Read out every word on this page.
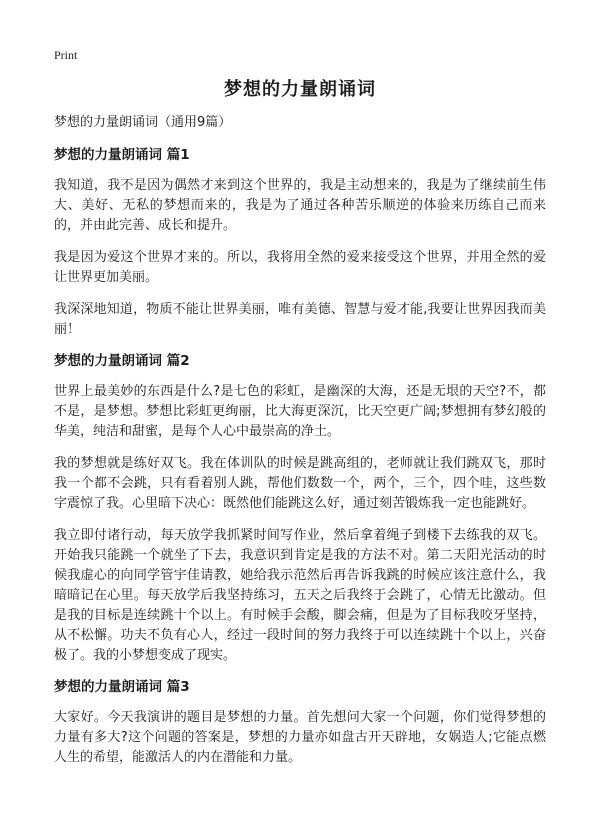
Print
梦想的力量朗诵词

梦想的力量朗诵词（通用9篇）

梦想的力量朗诵词 篇1

我知道，我不是因为偶然才来到这个世界的，我是主动想来的，我是为了继续前生伟大、美好、无私的梦想而来的，我是为了通过各种苦乐顺逆的体验来历练自己而来的，并由此完善、成长和提升。

我是因为爱这个世界才来的。所以，我将用全然的爱来接受这个世界，并用全然的爱让世界更加美丽。

我深深地知道，物质不能让世界美丽，唯有美德、智慧与爱才能,我要让世界因我而美丽！

梦想的力量朗诵词 篇2

世界上最美妙的东西是什么?是七色的彩虹，是幽深的大海，还是无垠的天空?不，都不是，是梦想。梦想比彩虹更绚丽，比大海更深沉，比天空更广阔;梦想拥有梦幻般的华美，纯洁和甜蜜，是每个人心中最崇高的净土。

我的梦想就是练好双飞。我在体训队的时候是跳高组的，老师就让我们跳双飞，那时我一个都不会跳，只有看着别人跳，帮他们数数一个，两个，三个，四个哇，这些数字震惊了我。心里暗下决心：既然他们能跳这么好，通过刻苦锻炼我一定也能跳好。

我立即付诸行动，每天放学我抓紧时间写作业，然后拿着绳子到楼下去练我的双飞。开始我只能跳一个就坐了下去，我意识到肯定是我的方法不对。第二天阳光活动的时候我虚心的向同学管宇佳请教，她给我示范然后再告诉我跳的时候应该注意什么，我暗暗记在心里。每天放学后我坚持练习，五天之后我终于会跳了，心情无比激动。但是我的目标是连续跳十个以上。有时候手会酸，脚会痛，但是为了目标我咬牙坚持，从不松懈。功夫不负有心人，经过一段时间的努力我终于可以连续跳十个以上，兴奋极了。我的小梦想变成了现实。

梦想的力量朗诵词 篇3

大家好。今天我演讲的题目是梦想的力量。首先想问大家一个问题，你们觉得梦想的力量有多大?这个问题的答案是，梦想的力量亦如盘古开天辟地，女娲造人;它能点燃人生的希望，能激活人的内在潜能和力量。
